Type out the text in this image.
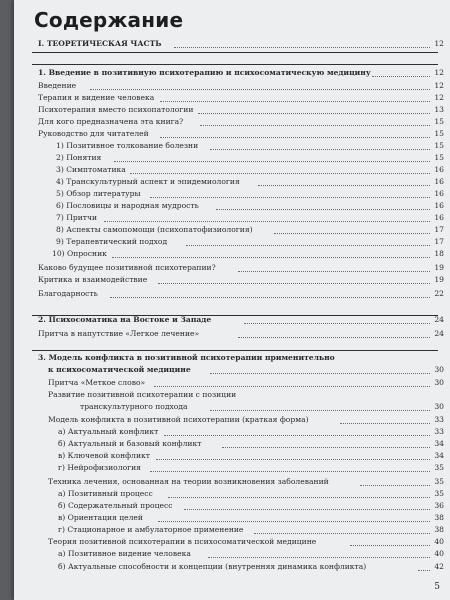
Содержание
I. ТЕОРЕТИЧЕСКАЯ ЧАСТЬ	12
1. Введение в позитивную психотерапию и психосоматическую медицину	12
Введение	12
Терапия и видение человека	12
Психотерапия вместо психопатологии	13
Для кого предназначена эта книга?	15
Руководство для читателей	15
1) Позитивное толкование болезни	15
2) Понятия	15
3) Симптоматика	16
4) Транскультурный аспект и эпидемиология	16
5) Обзор литературы	16
6) Пословицы и народная мудрость	16
7) Притчи	16
8) Аспекты самопомощи (психопатофизиология)	17
9) Терапевтический подход	17
10) Опросник	18
Каково будущее позитивной психотерапии?	19
Критика и взаимодействие	19
Благодарность	22
2. Психосоматика на Востоке и Западе	24
Притча в напутствие «Легкое лечение»	24
3. Модель конфликта в позитивной психотерапии применительно
к психосоматической медицине	30
Притча «Меткое слово»	30
Развитие позитивной психотерапии с позиции
транскультурного подхода	30
Модель конфликта в позитивной психотерапии (краткая форма)	33
а) Актуальный конфликт	33
б) Актуальный и базовый конфликт	34
в) Ключевой конфликт	34
г) Нейрофизиология	35
Техника лечения, основанная на теории возникновения заболеваний	35
а) Позитивный процесс	35
б) Содержательный процесс	36
в) Ориентация целей	38
г) Стационарное и амбулаторное применение	38
Теория позитивной психотерапии в психосоматической медицине	40
а) Позитивное видение человека	40
б) Актуальные способности и концепции (внутренняя динамика конфликта)	42
5
